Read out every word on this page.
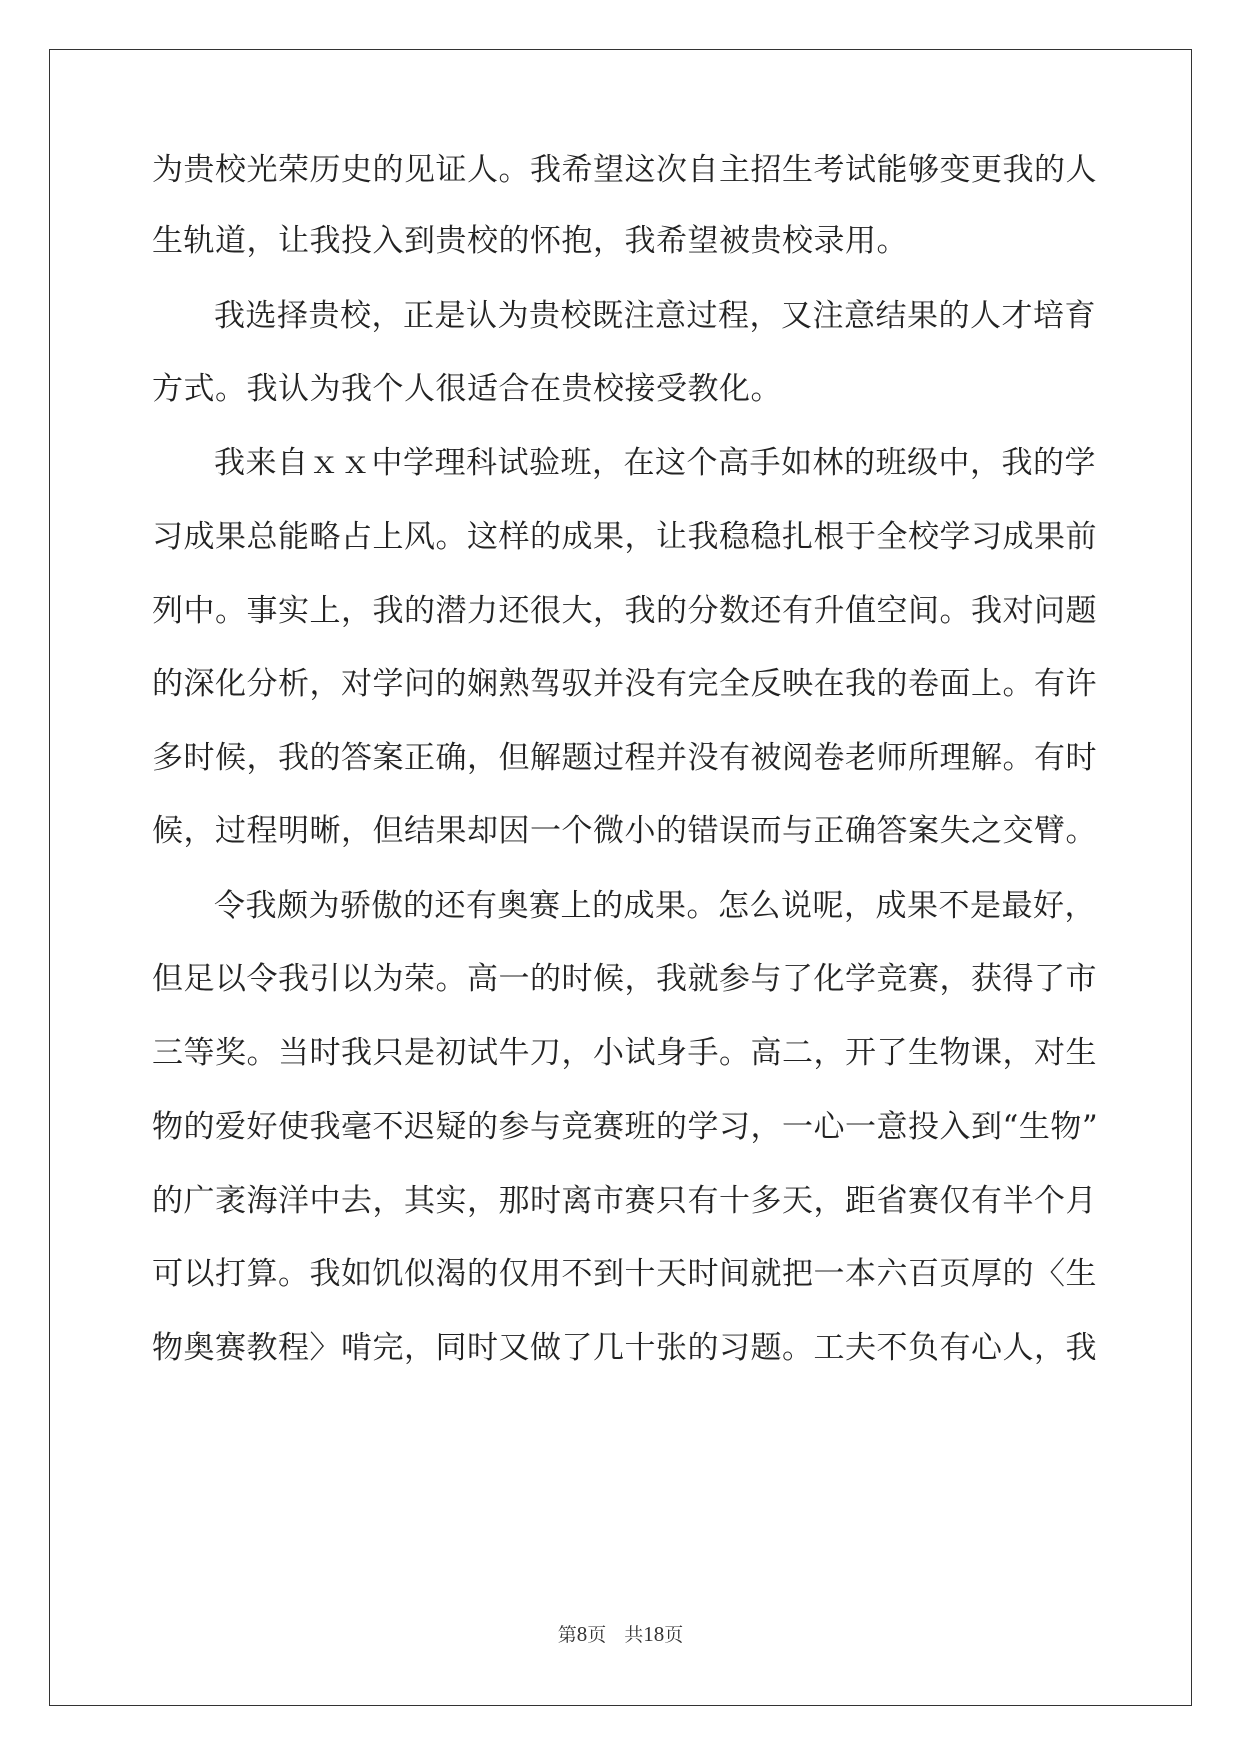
为贵校光荣历史的见证人。我希望这次自主招生考试能够变更我的人
生轨道，让我投入到贵校的怀抱，我希望被贵校录用。
我选择贵校，正是认为贵校既注意过程，又注意结果的人才培育
方式。我认为我个人很适合在贵校接受教化。
我来自ｘｘ中学理科试验班，在这个高手如林的班级中，我的学
习成果总能略占上风。这样的成果，让我稳稳扎根于全校学习成果前
列中。事实上，我的潜力还很大，我的分数还有升值空间。我对问题
的深化分析，对学问的娴熟驾驭并没有完全反映在我的卷面上。有许
多时候，我的答案正确，但解题过程并没有被阅卷老师所理解。有时
候，过程明晰，但结果却因一个微小的错误而与正确答案失之交臂。
令我颇为骄傲的还有奥赛上的成果。怎么说呢，成果不是最好，
但足以令我引以为荣。高一的时候，我就参与了化学竞赛，获得了市
三等奖。当时我只是初试牛刀，小试身手。高二，开了生物课，对生
物的爱好使我毫不迟疑的参与竞赛班的学习，一心一意投入到“生物”
的广袤海洋中去，其实，那时离市赛只有十多天，距省赛仅有半个月
可以打算。我如饥似渴的仅用不到十天时间就把一本六百页厚的〈生
物奥赛教程〉啃完，同时又做了几十张的习题。工夫不负有心人，我
第8页 共18页
